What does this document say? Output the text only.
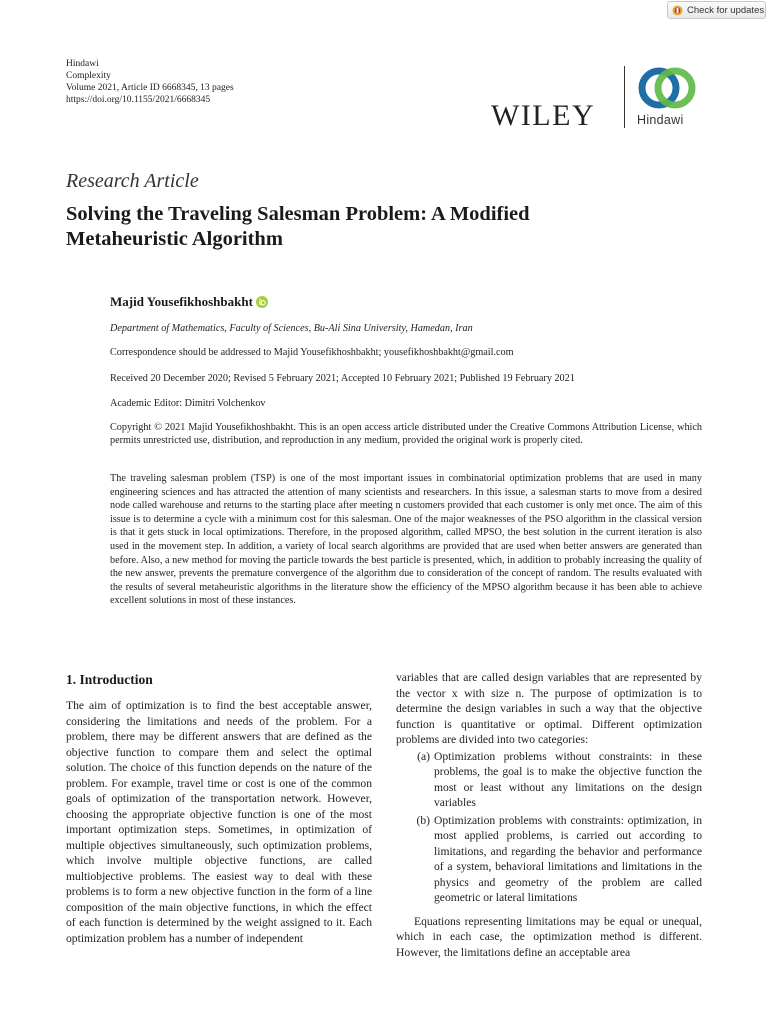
Check for updates
Hindawi
Complexity
Volume 2021, Article ID 6668345, 13 pages
https://doi.org/10.1155/2021/6668345	WILEY	Hindawi
Research Article
Solving the Traveling Salesman Problem: A Modified Metaheuristic Algorithm
Majid Yousefikhoshbakht
Department of Mathematics, Faculty of Sciences, Bu-Ali Sina University, Hamedan, Iran
Correspondence should be addressed to Majid Yousefikhoshbakht; yousefikhoshbakht@gmail.com
Received 20 December 2020; Revised 5 February 2021; Accepted 10 February 2021; Published 19 February 2021
Academic Editor: Dimitri Volchenkov
Copyright © 2021 Majid Yousefikhoshbakht. This is an open access article distributed under the Creative Commons Attribution License, which permits unrestricted use, distribution, and reproduction in any medium, provided the original work is properly cited.
The traveling salesman problem (TSP) is one of the most important issues in combinatorial optimization problems that are used in many engineering sciences and has attracted the attention of many scientists and researchers. In this issue, a salesman starts to move from a desired node called warehouse and returns to the starting place after meeting n customers provided that each customer is only met once. The aim of this issue is to determine a cycle with a minimum cost for this salesman. One of the major weaknesses of the PSO algorithm in the classical version is that it gets stuck in local optimizations. Therefore, in the proposed algorithm, called MPSO, the best solution in the current iteration is also used in the movement step. In addition, a variety of local search algorithms are provided that are used when better answers are generated than before. Also, a new method for moving the particle towards the best particle is presented, which, in addition to probably increasing the quality of the new answer, prevents the premature convergence of the algorithm due to consideration of the concept of random. The results evaluated with the results of several metaheuristic algorithms in the literature show the efficiency of the MPSO algorithm because it has been able to achieve excellent solutions in most of these instances.
1. Introduction

The aim of optimization is to find the best acceptable answer, considering the limitations and needs of the problem. For a problem, there may be different answers that are defined as the objective function to compare them and select the optimal solution. The choice of this function depends on the nature of the problem. For example, travel time or cost is one of the common goals of optimization of the transportation network. However, choosing the appropriate objective function is one of the most important optimization steps. Sometimes, in optimization of multiple objectives simultaneously, such optimization problems, which involve multiple objective functions, are called multiobjective problems. The easiest way to deal with these problems is to form a new objective function in the form of a line composition of the main objective functions, in which the effect of each function is determined by the weight assigned to it. Each optimization problem has a number of independent

variables that are called design variables that are represented by the vector x with size n. The purpose of optimization is to determine the design variables in such a way that the objective function is quantitative or optimal. Different optimization problems are divided into two categories:

(a) Optimization problems without constraints: in these problems, the goal is to make the objective function the most or least without any limitations on the design variables
(b) Optimization problems with constraints: optimization, in most applied problems, is carried out according to limitations, and regarding the behavior and performance of a system, behavioral limitations and limitations in the physics and geometry of the problem are called geometric or lateral limitations

Equations representing limitations may be equal or unequal, which in each case, the optimization method is different. However, the limitations define an acceptable area
